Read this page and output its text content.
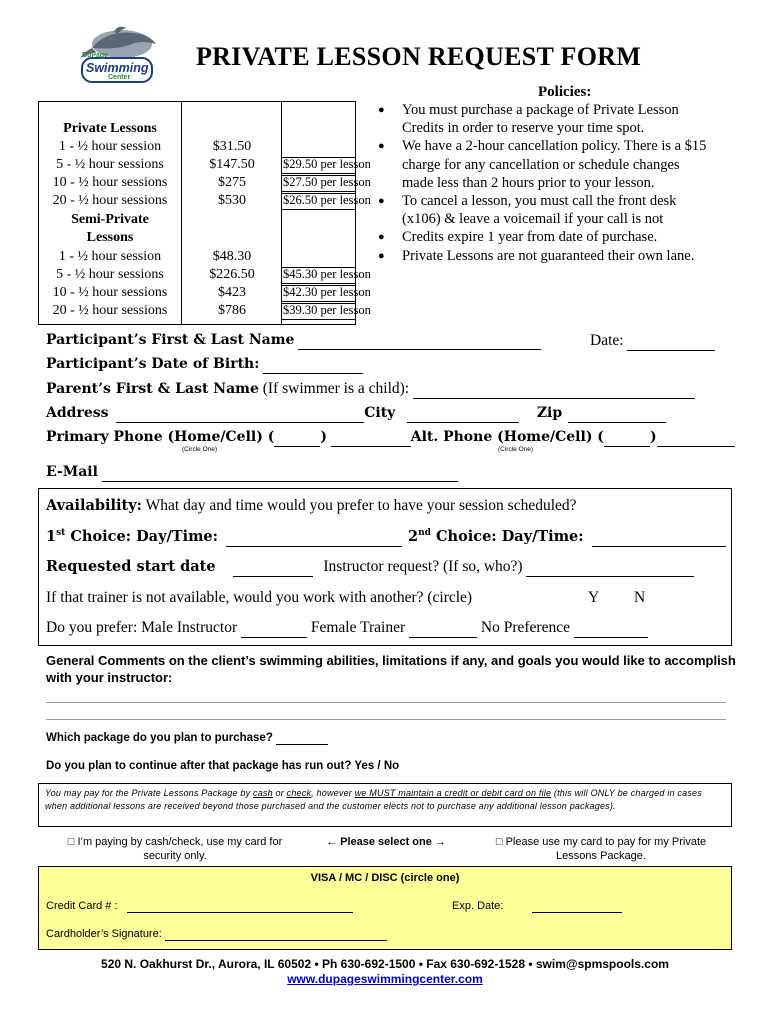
DuPage
Swimming
Center
PRIVATE LESSON REQUEST FORM
Policies:
Private Lessons
1 - ½ hour session	$31.50
5 - ½ hour sessions	$147.50	$29.50 per lesson
10 - ½ hour sessions	$275	$27.50 per lesson
20 - ½ hour sessions	$530	$26.50 per lesson
Semi-Private
Lessons
1 - ½ hour session	$48.30
5 - ½ hour sessions	$226.50	$45.30 per lesson
10 - ½ hour sessions	$423	$42.30 per lesson
20 - ½ hour sessions	$786	$39.30 per lesson
● You must purchase a package of Private Lesson Credits in order to reserve your time spot.
● We have a 2-hour cancellation policy. There is a $15 charge for any cancellation or schedule changes made less than 2 hours prior to your lesson.
● To cancel a lesson, you must call the front desk (x106) & leave a voicemail if your call is not
● Credits expire 1 year from date of purchase.
● Private Lessons are not guaranteed their own lane.
Participant’s First & Last Name	Date:
Participant’s Date of Birth:
Parent’s First & Last Name (If swimmer is a child):
Address	City	Zip
Primary Phone (Home/Cell) (	)	Alt. Phone (Home/Cell) (	)
(Circle One)	(Circle One)
E-Mail
Availability: What day and time would you prefer to have your session scheduled?
1st Choice: Day/Time:	2nd Choice: Day/Time:
Requested start date	Instructor request? (If so, who?)
If that trainer is not available, would you work with another? (circle)	Y N
Do you prefer: Male Instructor	Female Trainer	No Preference
General Comments on the client’s swimming abilities, limitations if any, and goals you would like to accomplish with your instructor:
Which package do you plan to purchase?
Do you plan to continue after that package has run out? Yes / No
You may pay for the Private Lessons Package by cash or check, however we MUST maintain a credit or debit card on file (this will ONLY be charged in cases when additional lessons are received beyond those purchased and the customer elects not to purchase any additional lesson packages).
□ I’m paying by cash/check, use my card for
security only.
← Please select one →	□ Please use my card to pay for my Private
Lessons Package.
VISA / MC / DISC (circle one)
Credit Card # :	Exp. Date:
Cardholder’s Signature:
520 N. Oakhurst Dr., Aurora, IL 60502 • Ph 630-692-1500 • Fax 630-692-1528 • swim@spmspools.com
www.dupageswimmingcenter.com
